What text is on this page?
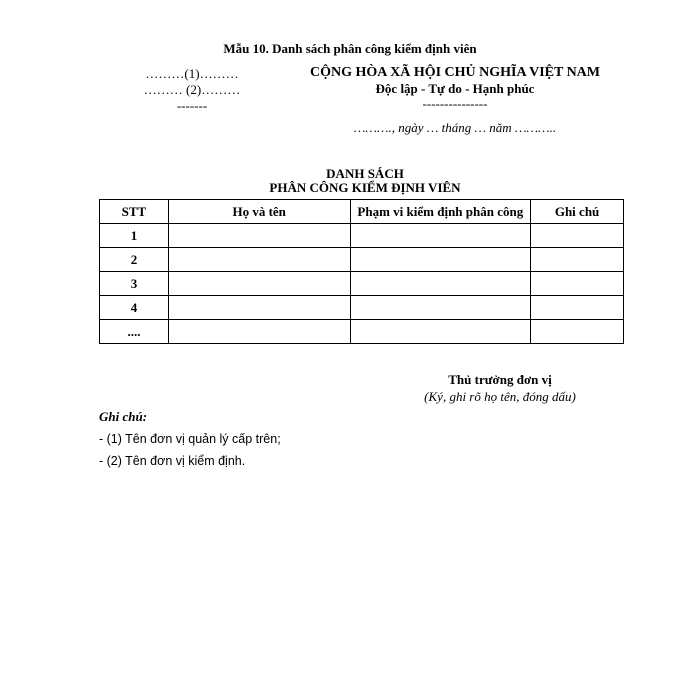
Mẫu 10. Danh sách phân công kiểm định viên
………(1)………
……… (2)………
-------
CỘNG HÒA XÃ HỘI CHỦ NGHĨA VIỆT NAM
Độc lập - Tự do - Hạnh phúc
---------------
………., ngày … tháng … năm ………..
DANH SÁCH
PHÂN CÔNG KIỂM ĐỊNH VIÊN
STT	Họ và tên	Phạm vi kiểm định phân công	Ghi chú
1			
2			
3			
4			
....			
Thủ trưởng đơn vị
(Ký, ghi rõ họ tên, đóng dấu)
Ghi chú:
- (1) Tên đơn vị quản lý cấp trên;
- (2) Tên đơn vị kiểm định.
